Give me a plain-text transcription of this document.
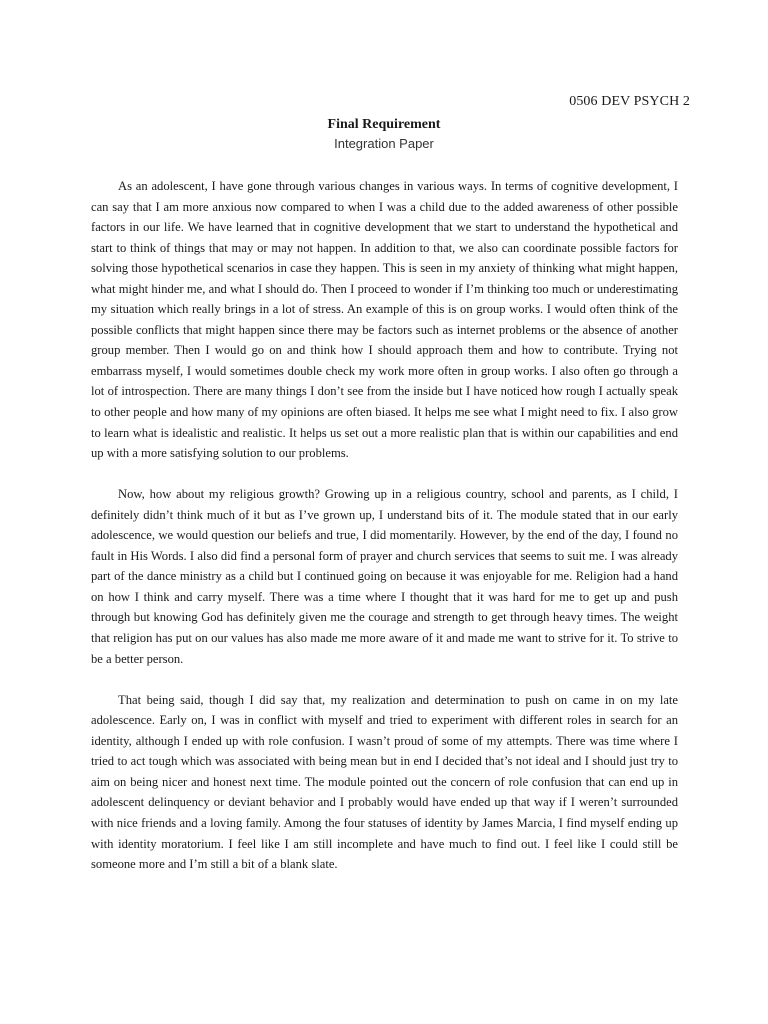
0506 DEV PSYCH 2
Final Requirement
Integration Paper

As an adolescent, I have gone through various changes in various ways. In terms of cognitive development, I can say that I am more anxious now compared to when I was a child due to the added awareness of other possible factors in our life. We have learned that in cognitive development that we start to understand the hypothetical and start to think of things that may or may not happen. In addition to that, we also can coordinate possible factors for solving those hypothetical scenarios in case they happen. This is seen in my anxiety of thinking what might happen, what might hinder me, and what I should do. Then I proceed to wonder if I’m thinking too much or underestimating my situation which really brings in a lot of stress. An example of this is on group works. I would often think of the possible conflicts that might happen since there may be factors such as internet problems or the absence of another group member. Then I would go on and think how I should approach them and how to contribute. Trying not embarrass myself, I would sometimes double check my work more often in group works. I also often go through a lot of introspection. There are many things I don’t see from the inside but I have noticed how rough I actually speak to other people and how many of my opinions are often biased. It helps me see what I might need to fix. I also grow to learn what is idealistic and realistic. It helps us set out a more realistic plan that is within our capabilities and end up with a more satisfying solution to our problems.

Now, how about my religious growth? Growing up in a religious country, school and parents, as I child, I definitely didn’t think much of it but as I’ve grown up, I understand bits of it. The module stated that in our early adolescence, we would question our beliefs and true, I did momentarily. However, by the end of the day, I found no fault in His Words. I also did find a personal form of prayer and church services that seems to suit me. I was already part of the dance ministry as a child but I continued going on because it was enjoyable for me. Religion had a hand on how I think and carry myself. There was a time where I thought that it was hard for me to get up and push through but knowing God has definitely given me the courage and strength to get through heavy times. The weight that religion has put on our values has also made me more aware of it and made me want to strive for it. To strive to be a better person.

That being said, though I did say that, my realization and determination to push on came in on my late adolescence. Early on, I was in conflict with myself and tried to experiment with different roles in search for an identity, although I ended up with role confusion. I wasn’t proud of some of my attempts. There was time where I tried to act tough which was associated with being mean but in end I decided that’s not ideal and I should just try to aim on being nicer and honest next time. The module pointed out the concern of role confusion that can end up in adolescent delinquency or deviant behavior and I probably would have ended up that way if I weren’t surrounded with nice friends and a loving family. Among the four statuses of identity by James Marcia, I find myself ending up with identity moratorium. I feel like I am still incomplete and have much to find out. I feel like I could still be someone more and I’m still a bit of a blank slate.
